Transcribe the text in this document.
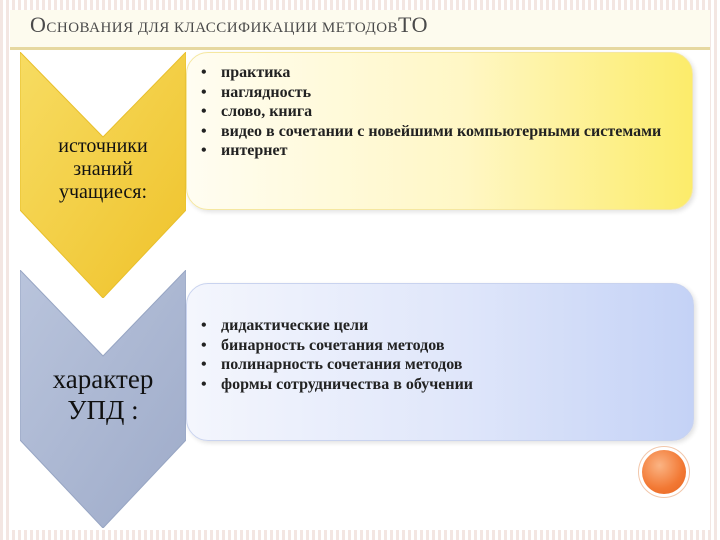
ОСНОВАНИЯ ДЛЯ КЛАССИФИКАЦИИ МЕТОДОВТО
источники
знаний
учащиеся:
характер
УПД :
• практика
• наглядность
• слово, книга
• видео в сочетании с новейшими компьютерными системами
• интернет
• дидактические цели
• бинарность сочетания методов
• полинарность сочетания методов
• формы сотрудничества в обучении
